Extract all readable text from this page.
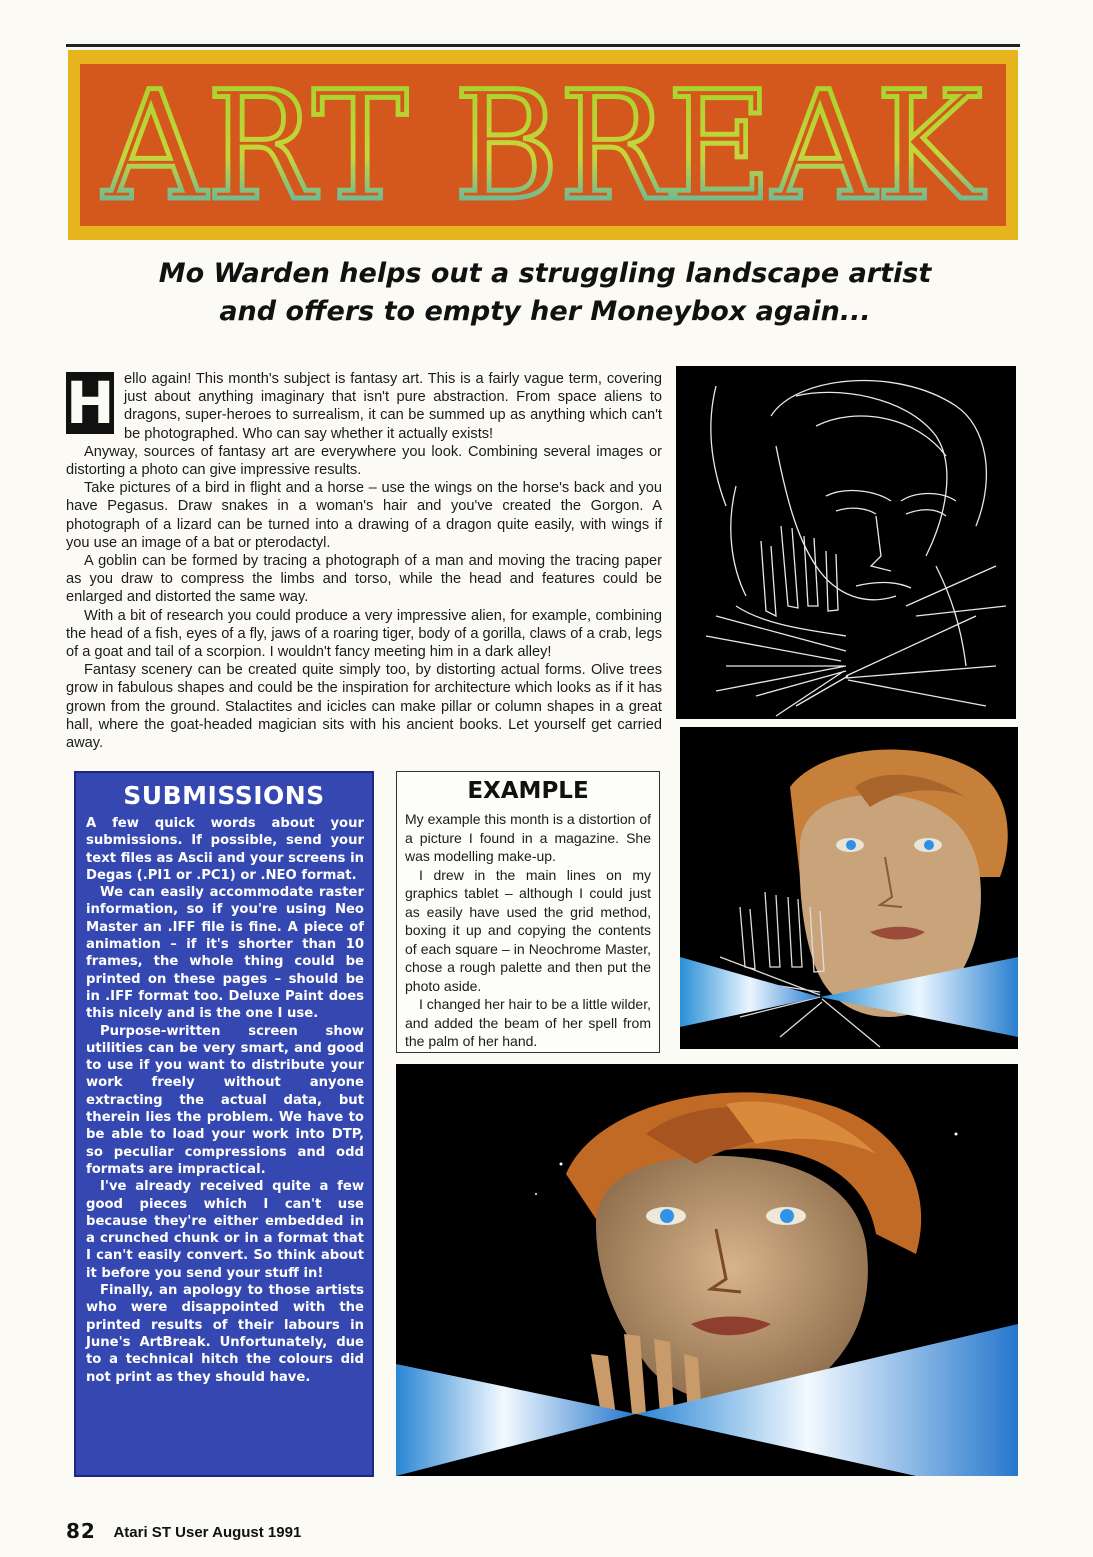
ART BREAK
Mo Warden helps out a struggling landscape artist
and offers to empty her Moneybox again...

H ello again! This month's subject is fantasy art. This is a fairly vague term, covering just about anything imaginary that isn't pure abstraction. From space aliens to dragons, super-heroes to surrealism, it can be summed up as anything which can't be photographed. Who can say whether it actually exists!

Anyway, sources of fantasy art are everywhere you look. Combining several images or distorting a photo can give impressive results.

Take pictures of a bird in flight and a horse – use the wings on the horse's back and you have Pegasus. Draw snakes in a woman's hair and you've created the Gorgon. A photograph of a lizard can be turned into a drawing of a dragon quite easily, with wings if you use an image of a bat or pterodactyl.

A goblin can be formed by tracing a photograph of a man and moving the tracing paper as you draw to compress the limbs and torso, while the head and features could be enlarged and distorted the same way.

With a bit of research you could produce a very impressive alien, for example, combining the head of a fish, eyes of a fly, jaws of a roaring tiger, body of a gorilla, claws of a crab, legs of a goat and tail of a scorpion. I wouldn't fancy meeting him in a dark alley!

Fantasy scenery can be created quite simply too, by distorting actual forms. Olive trees grow in fabulous shapes and could be the inspiration for architecture which looks as if it has grown from the ground. Stalactites and icicles can make pillar or column shapes in a great hall, where the goat-headed magician sits with his ancient books. Let yourself get carried away.

SUBMISSIONS

A few quick words about your submissions. If possible, send your text files as Ascii and your screens in Degas (.PI1 or .PC1) or .NEO format.

We can easily accommodate raster information, so if you're using Neo Master an .IFF file is fine. A piece of animation – if it's shorter than 10 frames, the whole thing could be printed on these pages – should be in .IFF format too. Deluxe Paint does this nicely and is the one I use.

Purpose-written screen show utilities can be very smart, and good to use if you want to distribute your work freely without anyone extracting the actual data, but therein lies the problem. We have to be able to load your work into DTP, so peculiar compressions and odd formats are impractical.

I've already received quite a few good pieces which I can't use because they're either embedded in a crunched chunk or in a format that I can't easily convert. So think about it before you send your stuff in!

Finally, an apology to those artists who were disappointed with the printed results of their labours in June's ArtBreak. Unfortunately, due to a technical hitch the colours did not print as they should have.

EXAMPLE

My example this month is a distortion of a picture I found in a magazine. She was modelling make-up.

I drew in the main lines on my graphics tablet – although I could just as easily have used the grid method, boxing it up and copying the contents of each square – in Neochrome Master, chose a rough palette and then put the photo aside.

I changed her hair to be a little wilder, and added the beam of her spell from the palm of her hand.

82 Atari ST User August 1991
